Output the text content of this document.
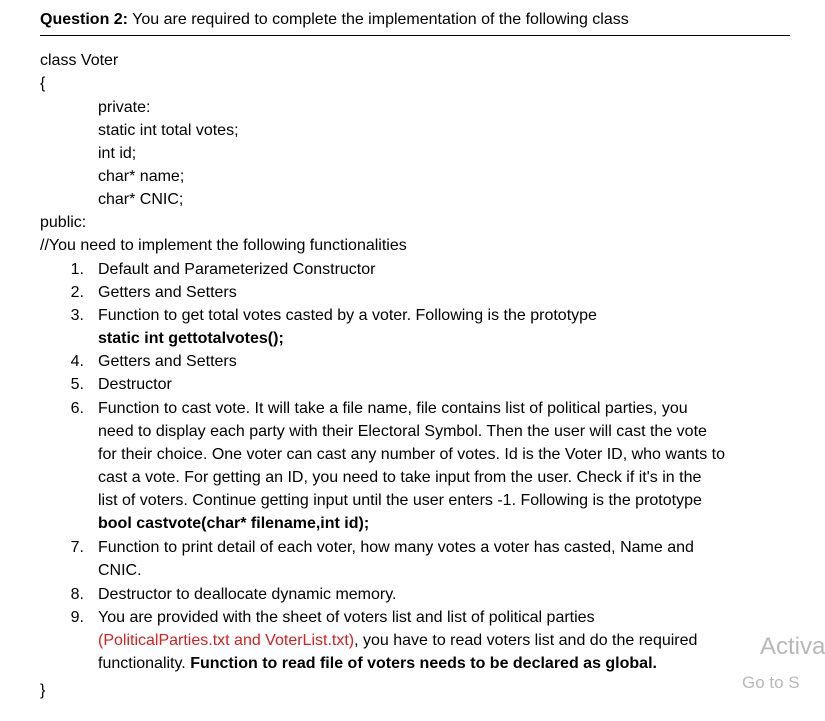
Question 2: You are required to complete the implementation of the following class
class Voter
{
private:
static int total votes;
int id;
char* name;
char* CNIC;
public:
//You need to implement the following functionalities
1. Default and Parameterized Constructor
2. Getters and Setters
3. Function to get total votes casted by a voter. Following is the prototype
static int gettotalvotes();
4. Getters and Setters
5. Destructor
6. Function to cast vote. It will take a file name, file contains list of political parties, you
need to display each party with their Electoral Symbol. Then the user will cast the vote
for their choice. One voter can cast any number of votes. Id is the Voter ID, who wants to
cast a vote. For getting an ID, you need to take input from the user. Check if it's in the
list of voters. Continue getting input until the user enters -1. Following is the prototype
bool castvote(char* filename,int id);
7. Function to print detail of each voter, how many votes a voter has casted, Name and
CNIC.
8. Destructor to deallocate dynamic memory.
9. You are provided with the sheet of voters list and list of political parties
(PoliticalParties.txt and VoterList.txt), you have to read voters list and do the required
functionality. Function to read file of voters needs to be declared as global.
}
Activa
Go to S
